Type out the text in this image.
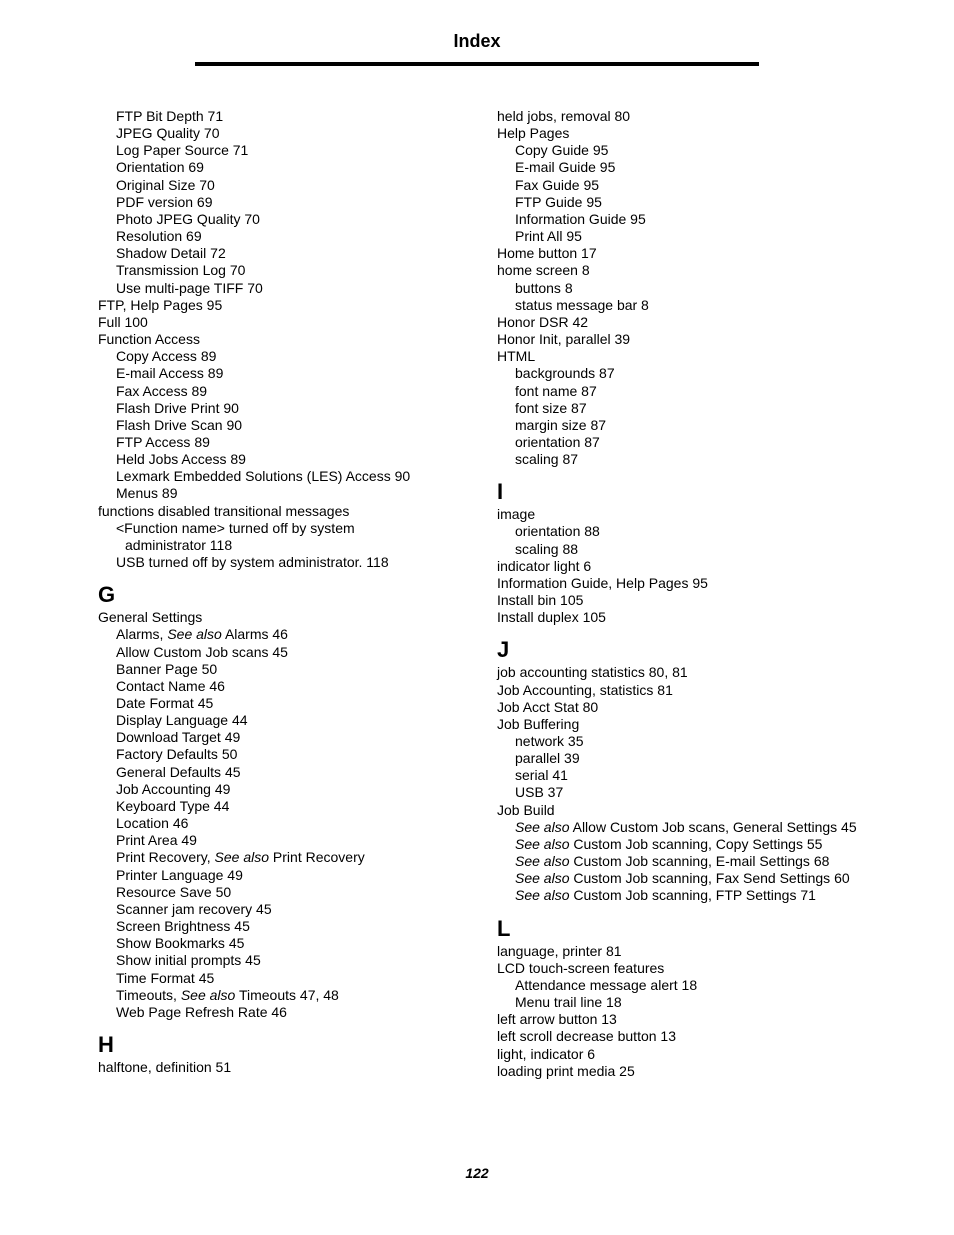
Index
FTP Bit Depth 71
JPEG Quality 70
Log Paper Source 71
Orientation 69
Original Size 70
PDF version 69
Photo JPEG Quality 70
Resolution 69
Shadow Detail 72
Transmission Log 70
Use multi-page TIFF 70
FTP, Help Pages 95
Full 100
Function Access
Copy Access 89
E-mail Access 89
Fax Access 89
Flash Drive Print 90
Flash Drive Scan 90
FTP Access 89
Held Jobs Access 89
Lexmark Embedded Solutions (LES) Access 90
Menus 89
functions disabled transitional messages
<Function name> turned off by system
administrator 118
USB turned off by system administrator. 118
G
General Settings
Alarms, See also Alarms 46
Allow Custom Job scans 45
Banner Page 50
Contact Name 46
Date Format 45
Display Language 44
Download Target 49
Factory Defaults 50
General Defaults 45
Job Accounting 49
Keyboard Type 44
Location 46
Print Area 49
Print Recovery, See also Print Recovery
Printer Language 49
Resource Save 50
Scanner jam recovery 45
Screen Brightness 45
Show Bookmarks 45
Show initial prompts 45
Time Format 45
Timeouts, See also Timeouts 47, 48
Web Page Refresh Rate 46
H
halftone, definition 51
held jobs, removal 80
Help Pages
Copy Guide 95
E-mail Guide 95
Fax Guide 95
FTP Guide 95
Information Guide 95
Print All 95
Home button 17
home screen 8
buttons 8
status message bar 8
Honor DSR 42
Honor Init, parallel 39
HTML
backgrounds 87
font name 87
font size 87
margin size 87
orientation 87
scaling 87
I
image
orientation 88
scaling 88
indicator light 6
Information Guide, Help Pages 95
Install bin 105
Install duplex 105
J
job accounting statistics 80, 81
Job Accounting, statistics 81
Job Acct Stat 80
Job Buffering
network 35
parallel 39
serial 41
USB 37
Job Build
See also Allow Custom Job scans, General Settings 45
See also Custom Job scanning, Copy Settings 55
See also Custom Job scanning, E-mail Settings 68
See also Custom Job scanning, Fax Send Settings 60
See also Custom Job scanning, FTP Settings 71
L
language, printer 81
LCD touch-screen features
Attendance message alert 18
Menu trail line 18
left arrow button 13
left scroll decrease button 13
light, indicator 6
loading print media 25
122
